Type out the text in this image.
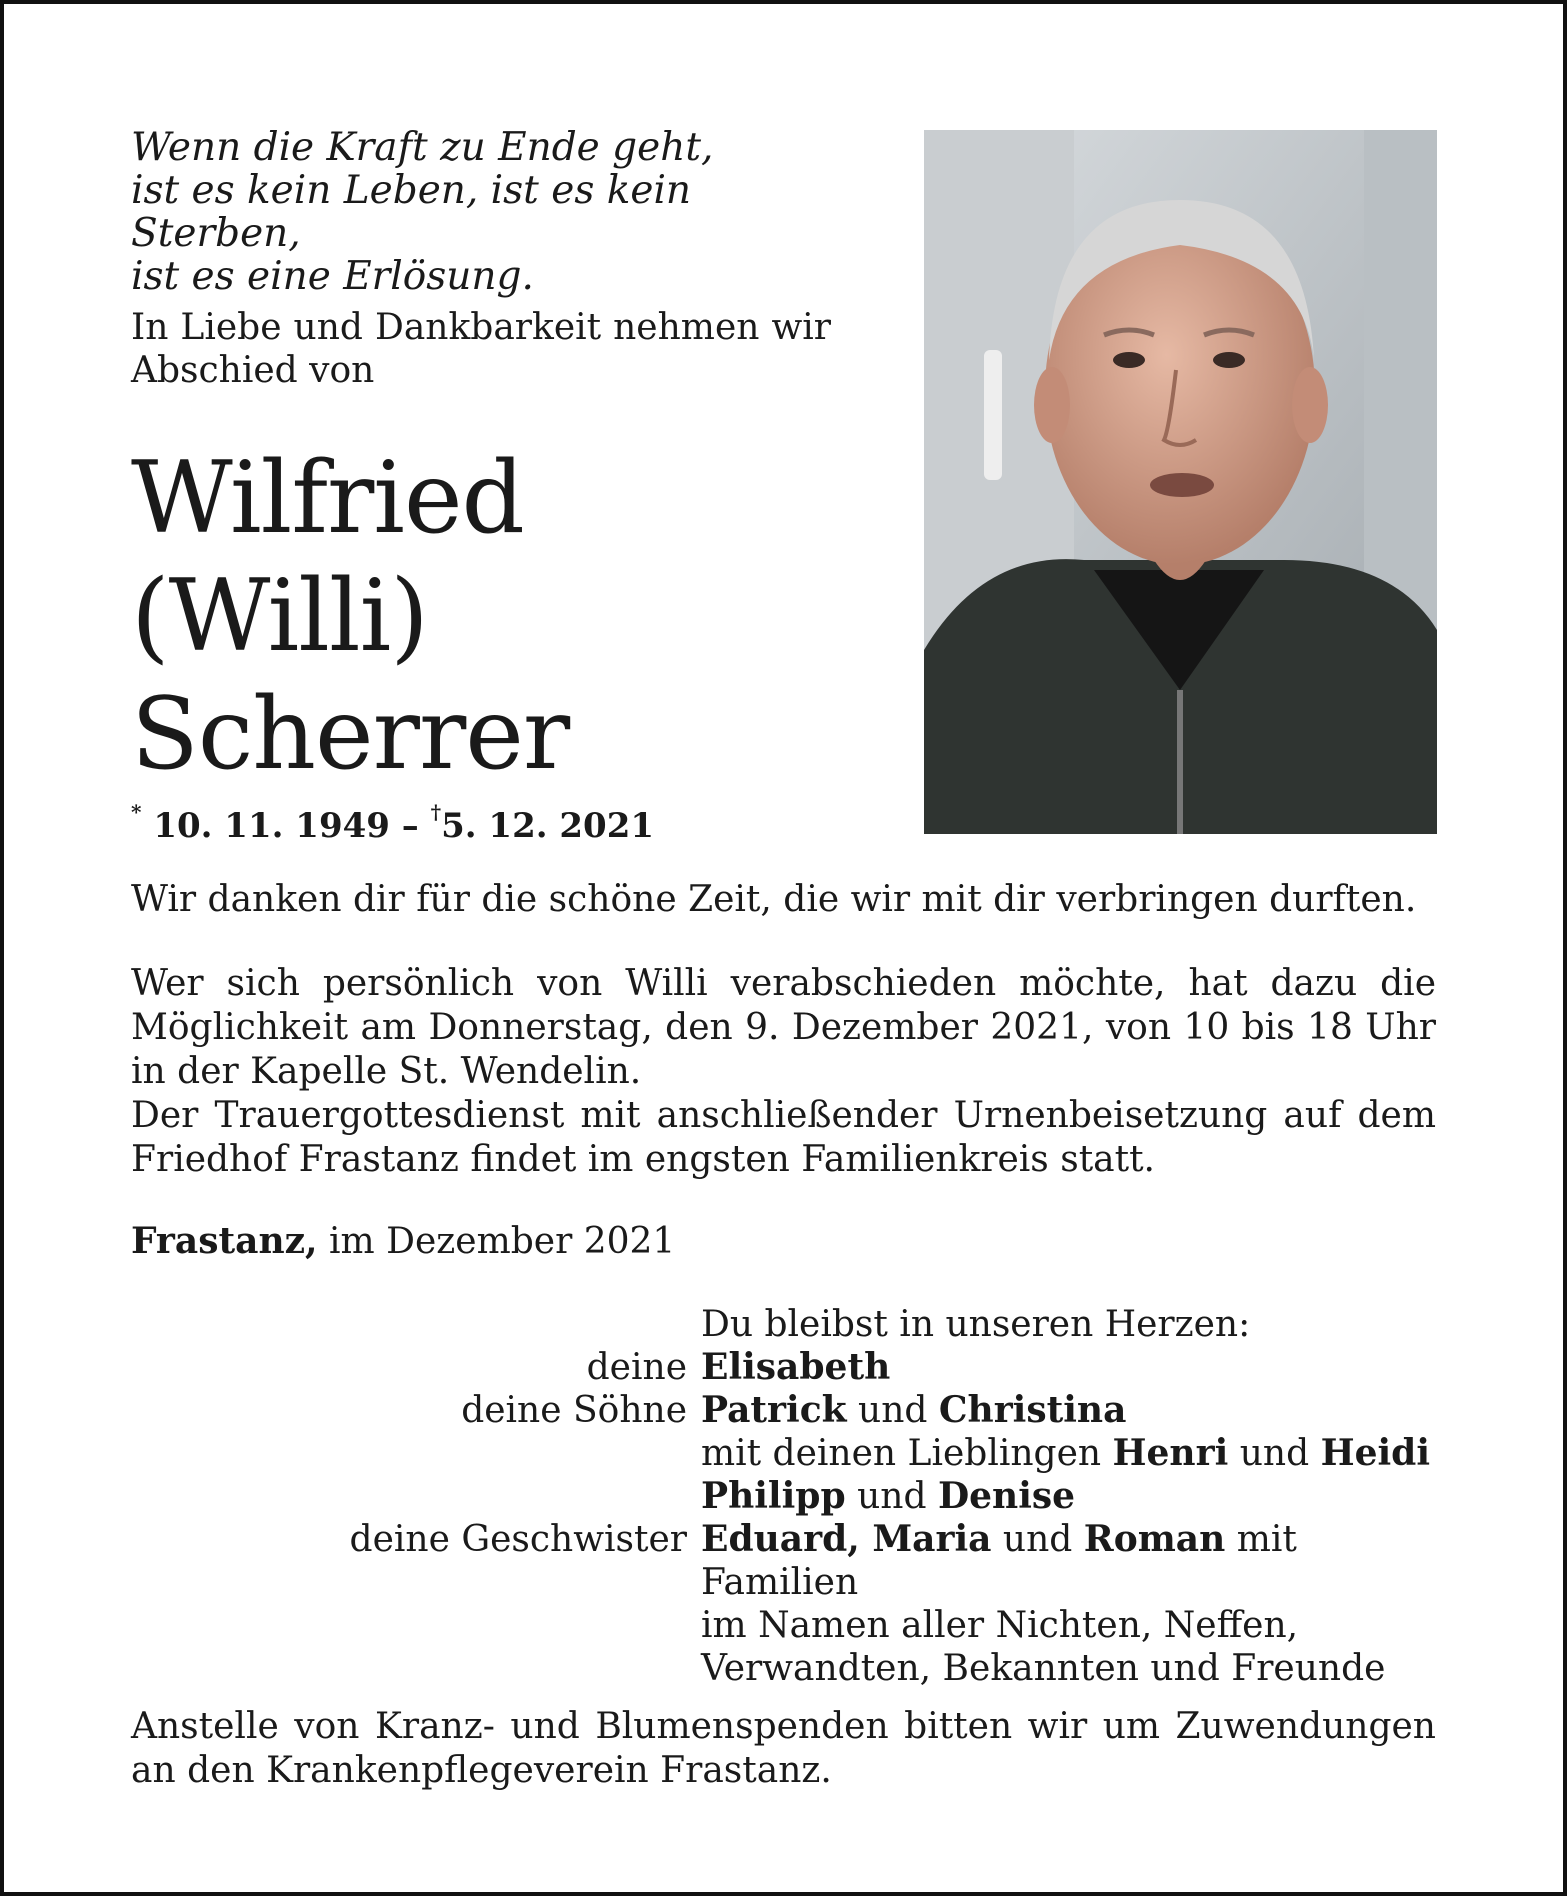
Wenn die Kraft zu Ende geht,
ist es kein Leben, ist es kein Sterben,
ist es eine Erlösung.
In Liebe und Dankbarkeit nehmen wir Abschied von
Wilfried
(Willi)
Scherrer
* 10. 11. 1949 – †5. 12. 2021

Wir danken dir für die schöne Zeit, die wir mit dir verbringen durften.

Wer sich persönlich von Willi verabschieden möchte, hat dazu die Möglichkeit am Donnerstag, den 9. Dezember 2021, von 10 bis 18 Uhr in der Kapelle St. Wendelin.

Der Trauergottesdienst mit anschließender Urnenbeisetzung auf dem Friedhof Frastanz findet im engsten Familienkreis statt.

Frastanz, im Dezember 2021
Du bleibst in unseren Herzen:
deine Elisabeth
deine Söhne Patrick und Christina
mit deinen Lieblingen Henri und Heidi
Philipp und Denise
deine Geschwister Eduard, Maria und Roman mit Familien
im Namen aller Nichten, Neffen,
Verwandten, Bekannten und Freunde
Anstelle von Kranz- und Blumenspenden bitten wir um Zuwendungen an den Krankenpflegeverein Frastanz.
